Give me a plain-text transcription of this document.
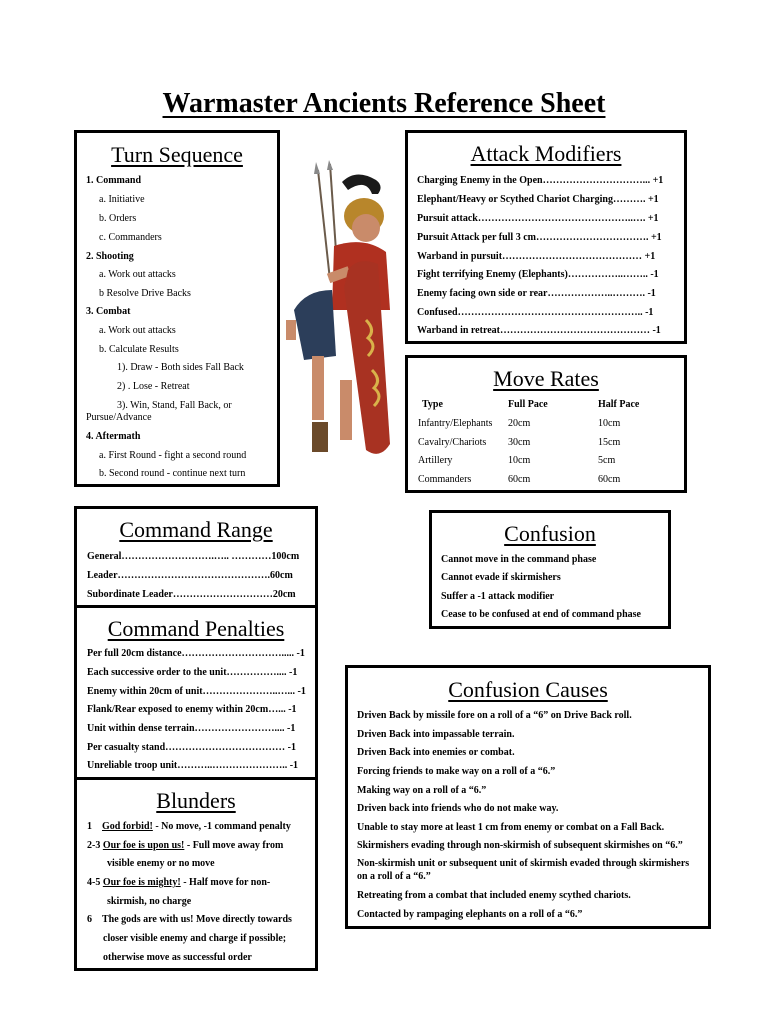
Warmaster Ancients Reference Sheet
Turn Sequence
1. Command
a. Initiative
b. Orders
c. Commanders
2. Shooting
a. Work out attacks
b Resolve Drive Backs
3. Combat
a. Work out attacks
b. Calculate Results
1). Draw - Both sides Fall Back
2) . Lose - Retreat
3). Win, Stand, Fall Back, or
Pursue/Advance
4. Aftermath
a. First Round - fight a second round
b. Second round - continue next turn
Attack Modifiers
Charging Enemy in the Open…………………………... +1
Elephant/Heavy or Scythed Chariot Charging………. +1
Pursuit attack………………………………………..…. +1
Pursuit Attack per full 3 cm……………………………. +1
Warband in pursuit…………………………………… +1
Fight terrifying Enemy (Elephants)……………..…….. -1
Enemy facing own side or rear………………..………. -1
Confused……………………………………………….. -1
Warband in retreat……………………………………… -1
Move Rates
Type	Full Pace	Half Pace
Infantry/Elephants 20cm	10cm
Cavalry/Chariots 30cm	15cm
Artillery	10cm	5cm
Commanders	60cm	60cm
Command Range
General……………………….….. …………100cm
Leader……………………………………….60cm
Subordinate Leader…………………………20cm
Command Penalties
Per full 20cm distance…………………………..... -1
Each successive order to the unit…………….... -1
Enemy within 20cm of unit…………………..…... -1
Flank/Rear exposed to enemy within 20cm…... -1
Unit within dense terrain…………………….... -1
Per casualty stand……………………………… -1
Unreliable troop unit………..………………….. -1
Blunders
1 God forbid! - No move, -1 command penalty
2-3 Our foe is upon us! - Full move away from
visible enemy or no move
4-5 Our foe is mighty! - Half move for non-
skirmish, no charge
6 The gods are with us! Move directly towards
closer visible enemy and charge if possible;
otherwise move as successful order
Confusion
Cannot move in the command phase
Cannot evade if skirmishers
Suffer a -1 attack modifier
Cease to be confused at end of command phase
Confusion Causes
Driven Back by missile fore on a roll of a “6” on Drive Back roll.
Driven Back into impassable terrain.
Driven Back into enemies or combat.
Forcing friends to make way on a roll of a “6.”
Making way on a roll of a “6.”
Driven back into friends who do not make way.
Unable to stay more at least 1 cm from enemy or combat on a Fall Back.
Skirmishers evading through non-skirmish of subsequent skirmishes on “6.”
Non-skirmish unit or subsequent unit of skirmish evaded through skirmishers on a roll of a “6.”
Retreating from a combat that included enemy scythed chariots.
Contacted by rampaging elephants on a roll of a “6.”
